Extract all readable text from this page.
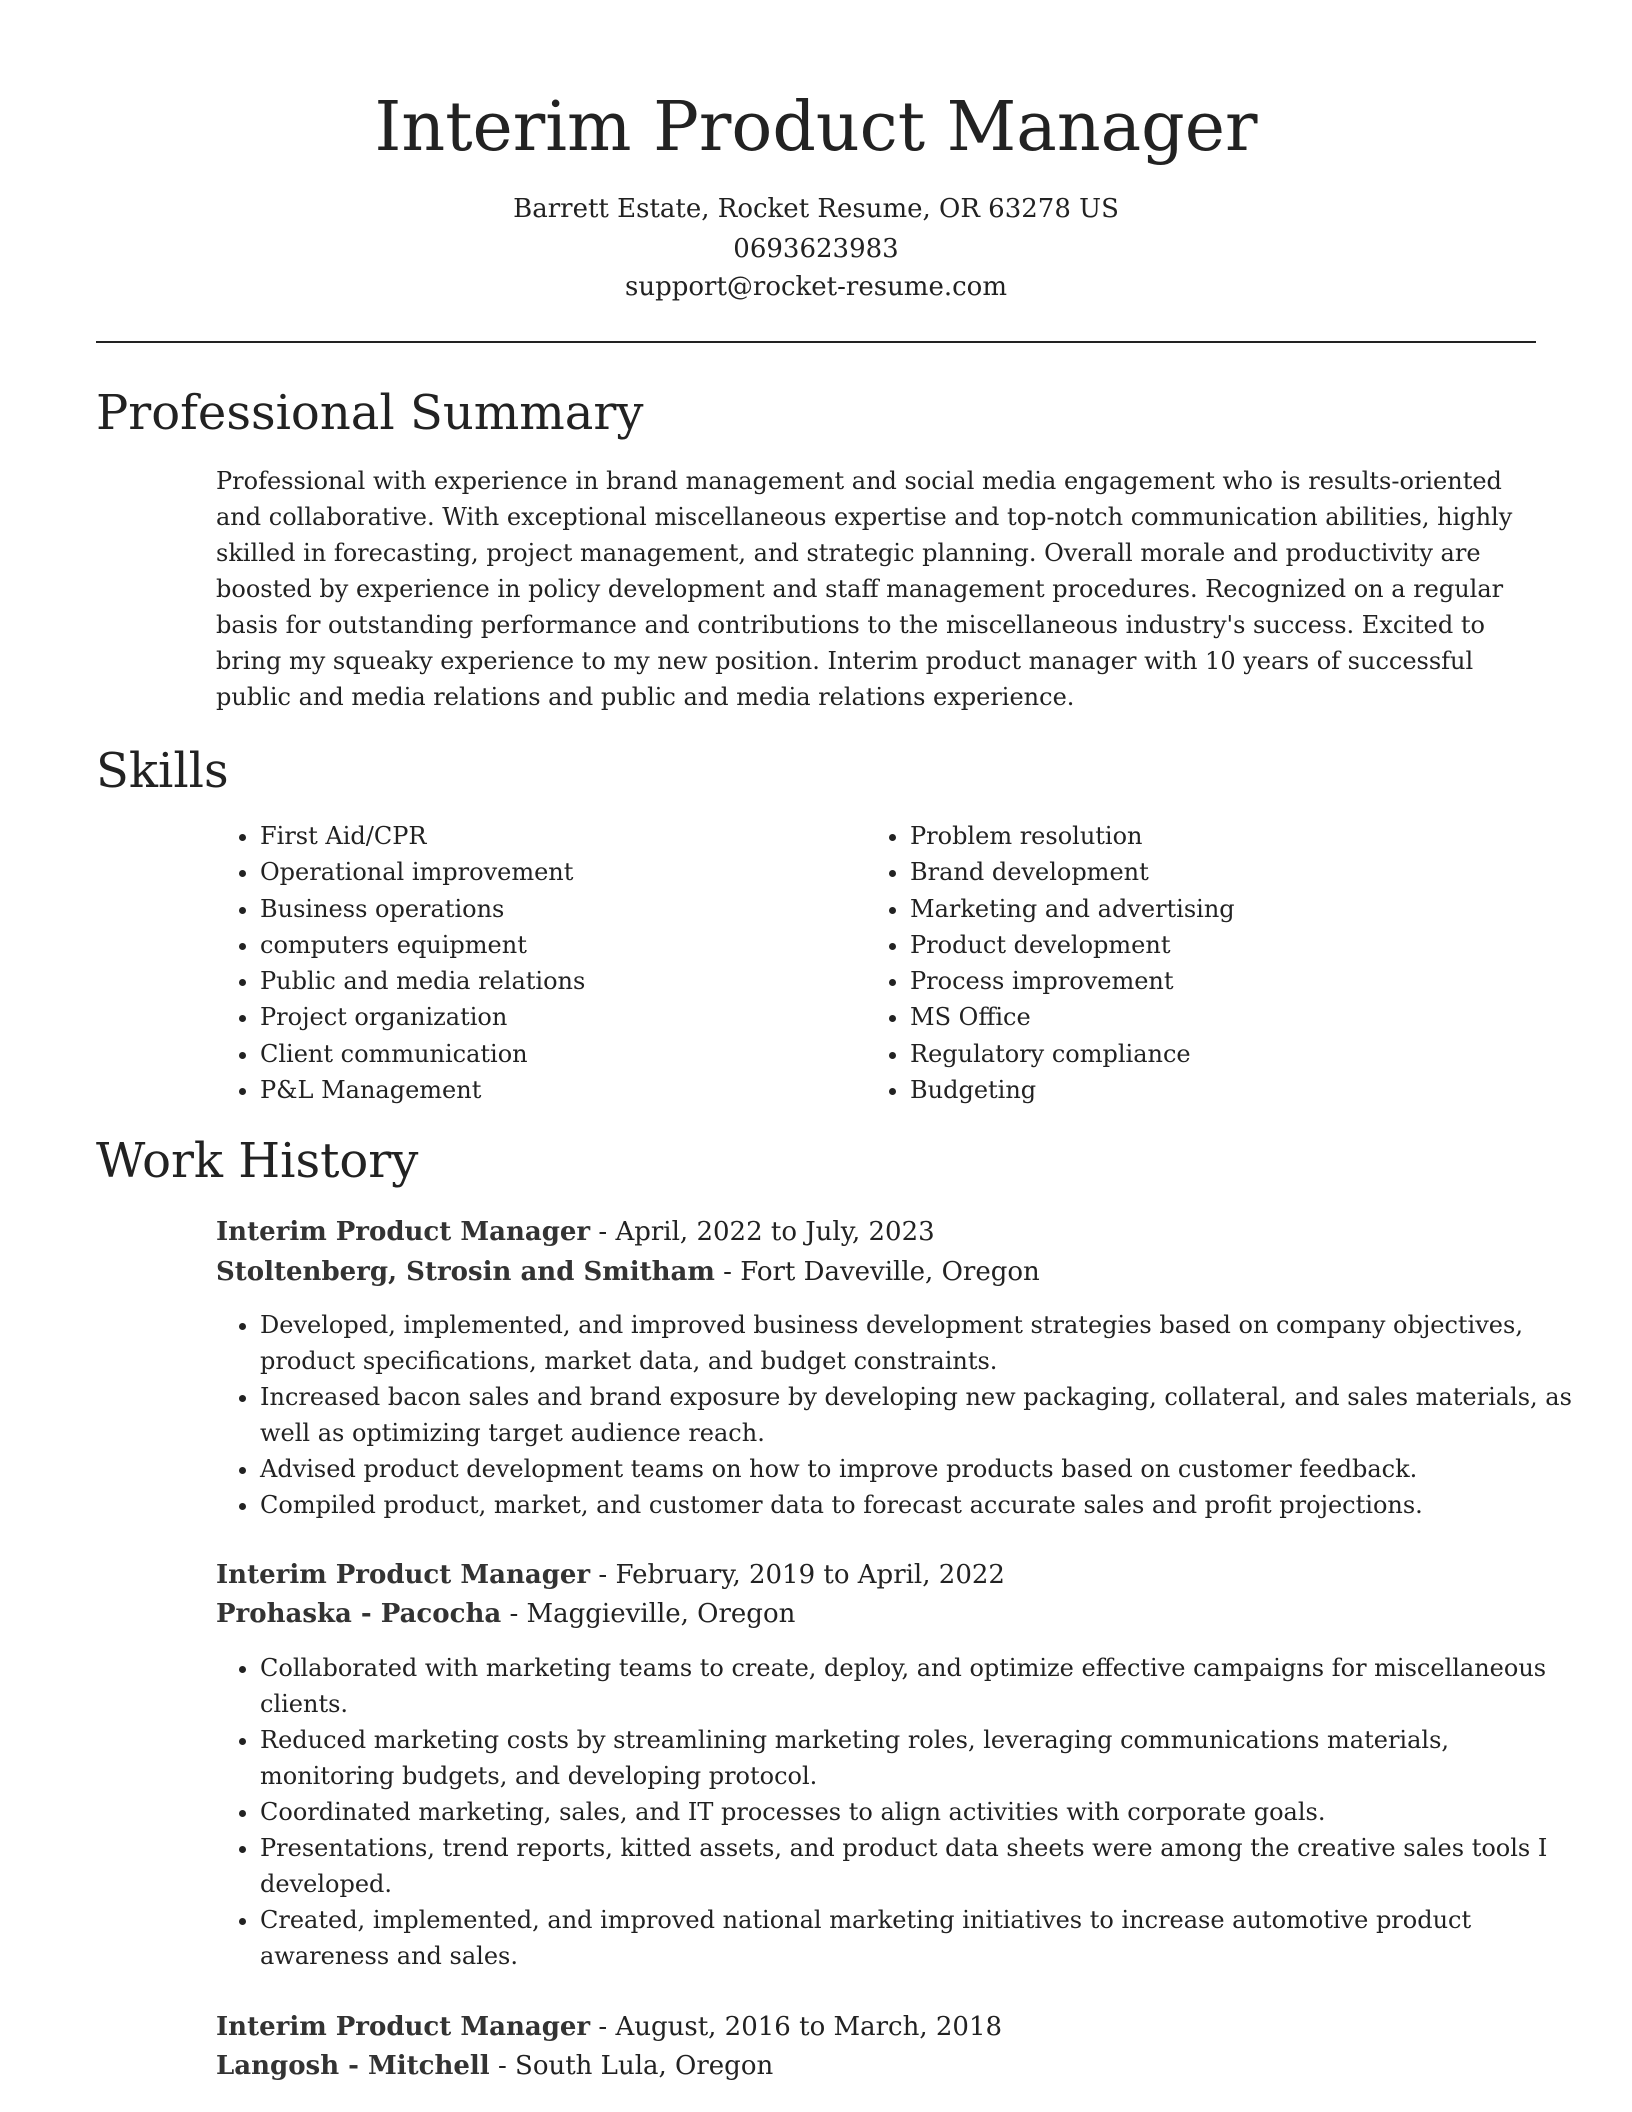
Interim Product Manager
Barrett Estate, Rocket Resume, OR 63278 US
0693623983
support@rocket-resume.com
Professional Summary

Professional with experience in brand management and social media engagement who is results-oriented and collaborative. With exceptional miscellaneous expertise and top-notch communication abilities, highly skilled in forecasting, project management, and strategic planning. Overall morale and productivity are boosted by experience in policy development and staff management procedures. Recognized on a regular basis for outstanding performance and contributions to the miscellaneous industry's success. Excited to bring my squeaky experience to my new position. Interim product manager with 10 years of successful public and media relations and public and media relations experience.

Skills
• First Aid/CPR
• Operational improvement
• Business operations
• computers equipment
• Public and media relations
• Project organization
• Client communication
• P&L Management
• Problem resolution
• Brand development
• Marketing and advertising
• Product development
• Process improvement
• MS Office
• Regulatory compliance
• Budgeting
Work History
Interim Product Manager - April, 2022 to July, 2023
Stoltenberg, Strosin and Smitham - Fort Daveville, Oregon
• Developed, implemented, and improved business development strategies based on company objectives, product specifications, market data, and budget constraints.
• Increased bacon sales and brand exposure by developing new packaging, collateral, and sales materials, as well as optimizing target audience reach.
• Advised product development teams on how to improve products based on customer feedback.
• Compiled product, market, and customer data to forecast accurate sales and profit projections.
Interim Product Manager - February, 2019 to April, 2022
Prohaska - Pacocha - Maggieville, Oregon
• Collaborated with marketing teams to create, deploy, and optimize effective campaigns for miscellaneous clients.
• Reduced marketing costs by streamlining marketing roles, leveraging communications materials, monitoring budgets, and developing protocol.
• Coordinated marketing, sales, and IT processes to align activities with corporate goals.
• Presentations, trend reports, kitted assets, and product data sheets were among the creative sales tools I developed.
• Created, implemented, and improved national marketing initiatives to increase automotive product awareness and sales.
Interim Product Manager - August, 2016 to March, 2018
Langosh - Mitchell - South Lula, Oregon
